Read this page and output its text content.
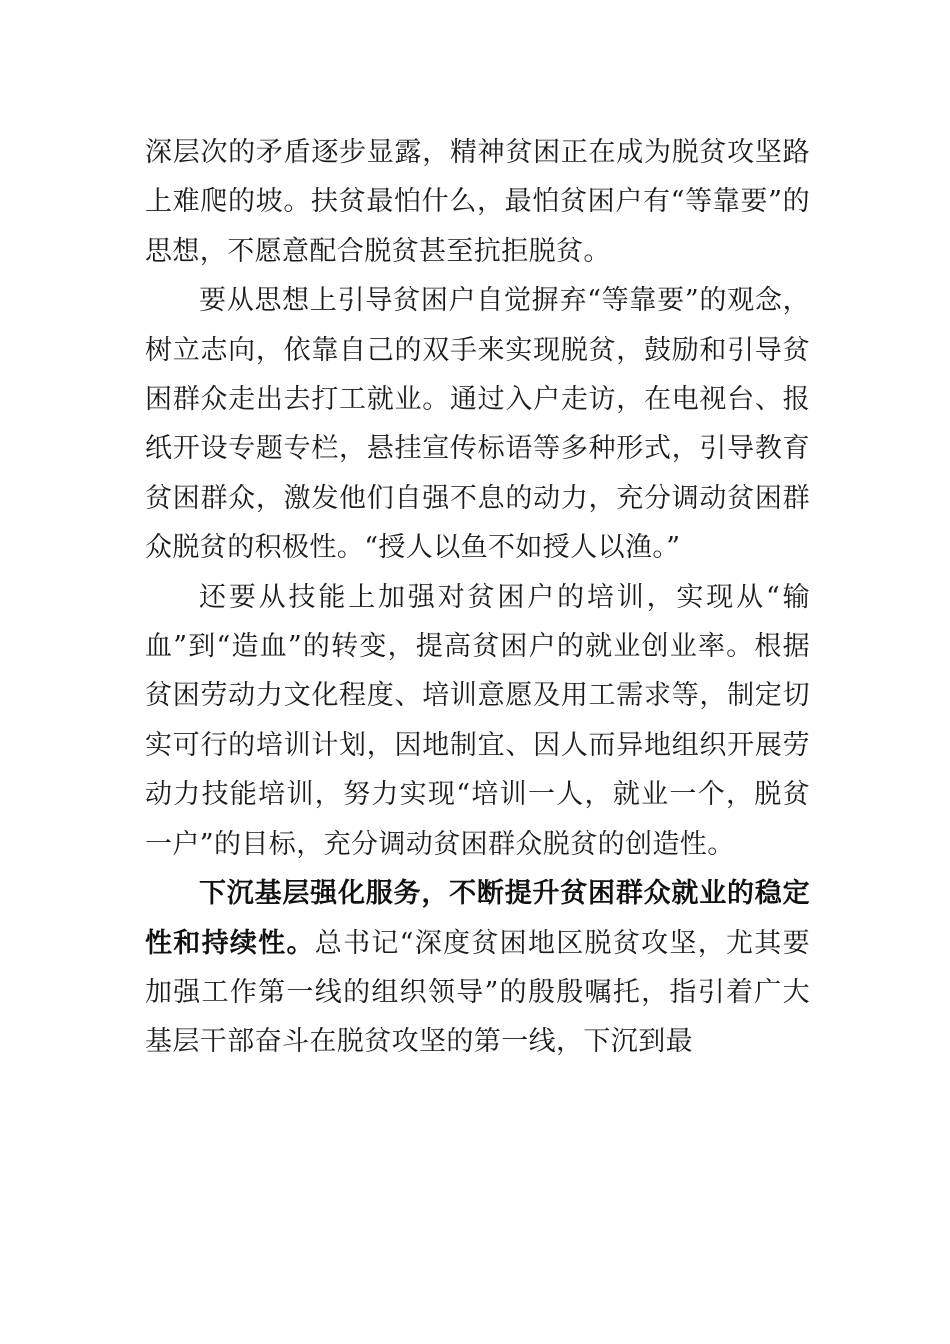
深层次的矛盾逐步显露，精神贫困正在成为脱贫攻坚路上难爬的坡。扶贫最怕什么，最怕贫困户有“等靠要”的思想，不愿意配合脱贫甚至抗拒脱贫。

要从思想上引导贫困户自觉摒弃“等靠要”的观念，树立志向，依靠自己的双手来实现脱贫，鼓励和引导贫困群众走出去打工就业。通过入户走访，在电视台、报纸开设专题专栏，悬挂宣传标语等多种形式，引导教育贫困群众，激发他们自强不息的动力，充分调动贫困群众脱贫的积极性。“授人以鱼不如授人以渔。”

还要从技能上加强对贫困户的培训，实现从“输血”到“造血”的转变，提高贫困户的就业创业率。根据贫困劳动力文化程度、培训意愿及用工需求等，制定切实可行的培训计划，因地制宜、因人而异地组织开展劳动力技能培训，努力实现“培训一人，就业一个，脱贫一户”的目标，充分调动贫困群众脱贫的创造性。

下沉基层强化服务，不断提升贫困群众就业的稳定性和持续性。总书记“深度贫困地区脱贫攻坚，尤其要加强工作第一线的组织领导”的殷殷嘱托，指引着广大基层干部奋斗在脱贫攻坚的第一线，下沉到最
